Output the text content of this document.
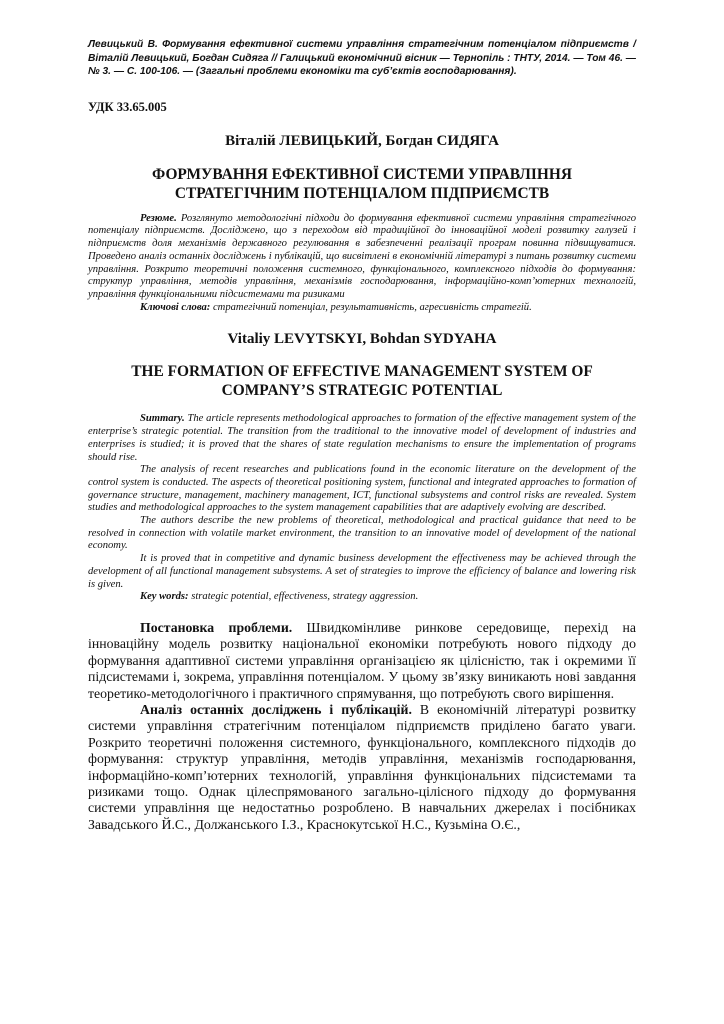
Левицький В. Формування ефективної системи управління стратегічним потенціалом підприємств / Віталій Левицький, Богдан Сидяга // Галицький економічний вісник — Тернопіль : ТНТУ, 2014. — Том 46. — № 3. — С. 100-106. — (Загальні проблеми економіки та суб’єктів господарювання).

УДК 33.65.005

Віталій ЛЕВИЦЬКИЙ, Богдан СИДЯГА

ФОРМУВАННЯ ЕФЕКТИВНОЇ СИСТЕМИ УПРАВЛІННЯ СТРАТЕГІЧНИМ ПОТЕНЦІАЛОМ ПІДПРИЄМСТВ

Резюме. Розглянуто методологічні підходи до формування ефективної системи управління стратегічного потенціалу підприємств. Досліджено, що з переходом від традиційної до інноваційної моделі розвитку галузей і підприємств доля механізмів державного регулювання в забезпеченні реалізації програм повинна підвищуватися. Проведено аналіз останніх досліджень і публікацій, що висвітлені в економічній літературі з питань розвитку системи управління. Розкрито теоретичні положення системного, функціонального, комплексного підходів до формування: структур управління, методів управління, механізмів господарювання, інформаційно-комп’ютерних технологій, управління функціональними підсистемами та ризиками

Ключові слова: стратегічний потенціал, результативність, агресивність стратегій.

Vitaliy LEVYTSKYI, Bohdan SYDYAHA

THE FORMATION OF EFFECTIVE MANAGEMENT SYSTEM OF COMPANY’S STRATEGIC POTENTIAL

Summary. The article represents methodological approaches to formation of the effective management system of the enterprise’s strategic potential. The transition from the traditional to the innovative model of development of industries and enterprises is studied; it is proved that the shares of state regulation mechanisms to ensure the implementation of programs should rise.

The analysis of recent researches and publications found in the economic literature on the development of the control system is conducted. The aspects of theoretical positioning system, functional and integrated approaches to formation of governance structure, management, machinery management, ICT, functional subsystems and control risks are revealed. System studies and methodological approaches to the system management capabilities that are adaptively evolving are described.

The authors describe the new problems of theoretical, methodological and practical guidance that need to be resolved in connection with volatile market environment, the transition to an innovative model of development of the national economy.

It is proved that in competitive and dynamic business development the effectiveness may be achieved through the development of all functional management subsystems. A set of strategies to improve the efficiency of balance and lowering risk is given.

Key words: strategic potential, effectiveness, strategy aggression.

Постановка проблеми. Швидкомінливе ринкове середовище, перехід на інноваційну модель розвитку національної економіки потребують нового підходу до формування адаптивної системи управління організацією як цілісністю, так і окремими її підсистемами і, зокрема, управління потенціалом. У цьому зв’язку виникають нові завдання теоретико-методологічного і практичного спрямування, що потребують свого вирішення.

Аналіз останніх досліджень і публікацій. В економічній літературі розвитку системи управління стратегічним потенціалом підприємств приділено багато уваги. Розкрито теоретичні положення системного, функціонального, комплексного підходів до формування: структур управління, методів управління, механізмів господарювання, інформаційно-комп’ютерних технологій, управління функціональних підсистемами та ризиками тощо. Однак цілеспрямованого загально-цілісного підходу до формування системи управління ще недостатньо розроблено. В навчальних джерелах і посібниках Завадського Й.С., Должанського І.З., Краснокутської Н.С., Кузьміна О.Є.,
